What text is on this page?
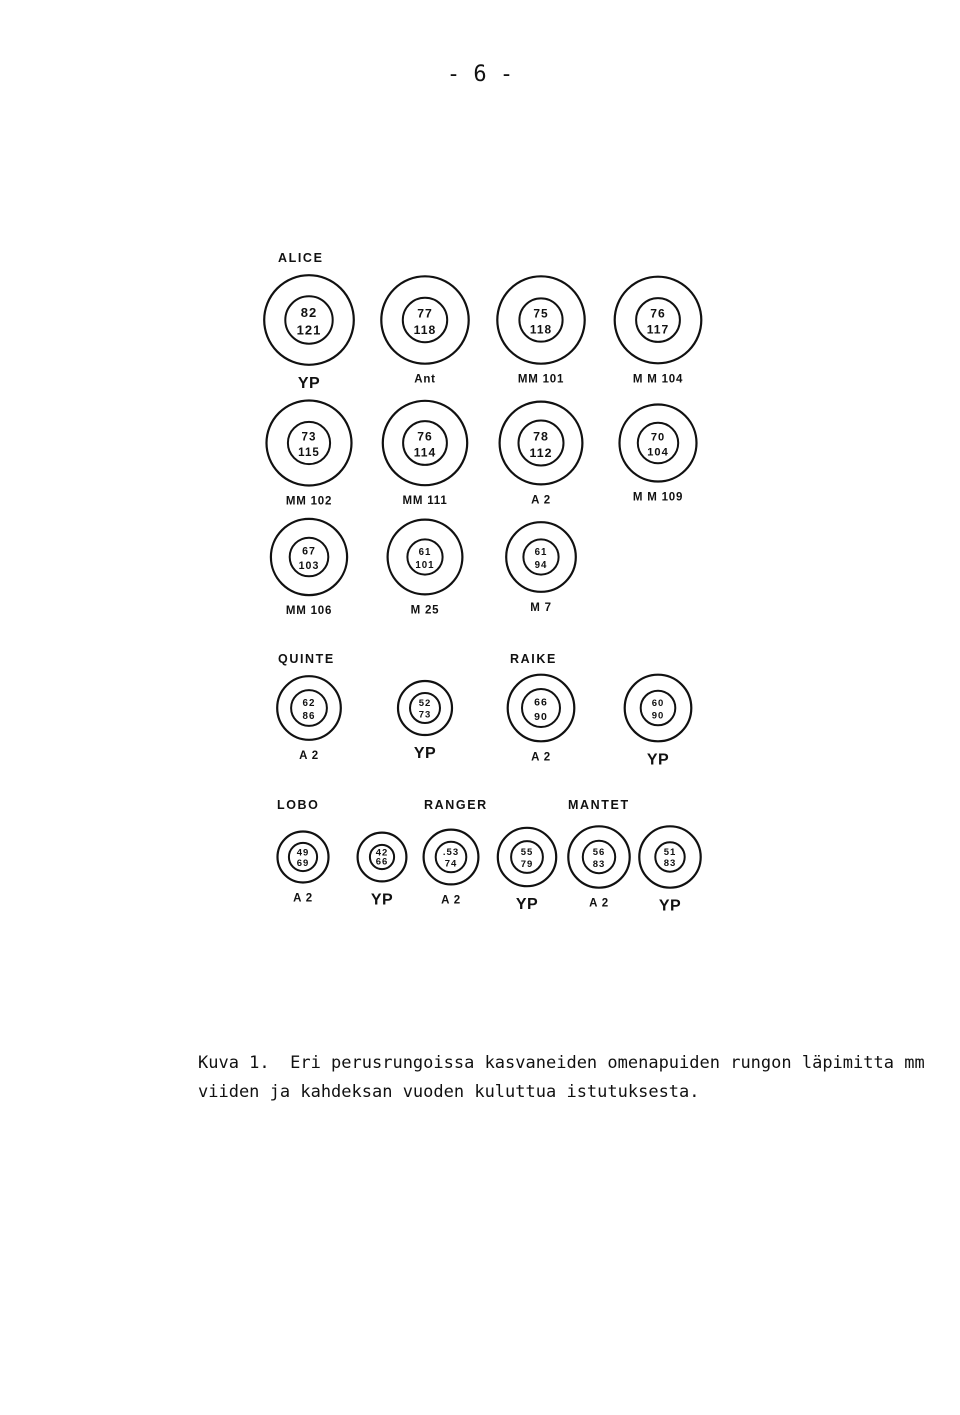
- 6 -
ALICE
QUINTE	RAIKE
LOBO	RANGER	MANTET
82
121
YP
77
118
Ant
75
118
MM 101
76
117
M M 104
73
115
MM 102
76
114
MM 111
78
112
A 2
70
104
M M 109
67
103
MM 106
61
101
M 25
61
94
M 7
62
86
A 2
52
73
YP
66
90
A 2
60
90
YP
49
69
A 2
42
66
YP
.53
74
A 2
55
79
YP
56
83
A 2
51
83
YP
Kuva 1.  Eri perusrungoissa kasvaneiden omenapuiden rungon läpimitta mm
viiden ja kahdeksan vuoden kuluttua istutuksesta.
